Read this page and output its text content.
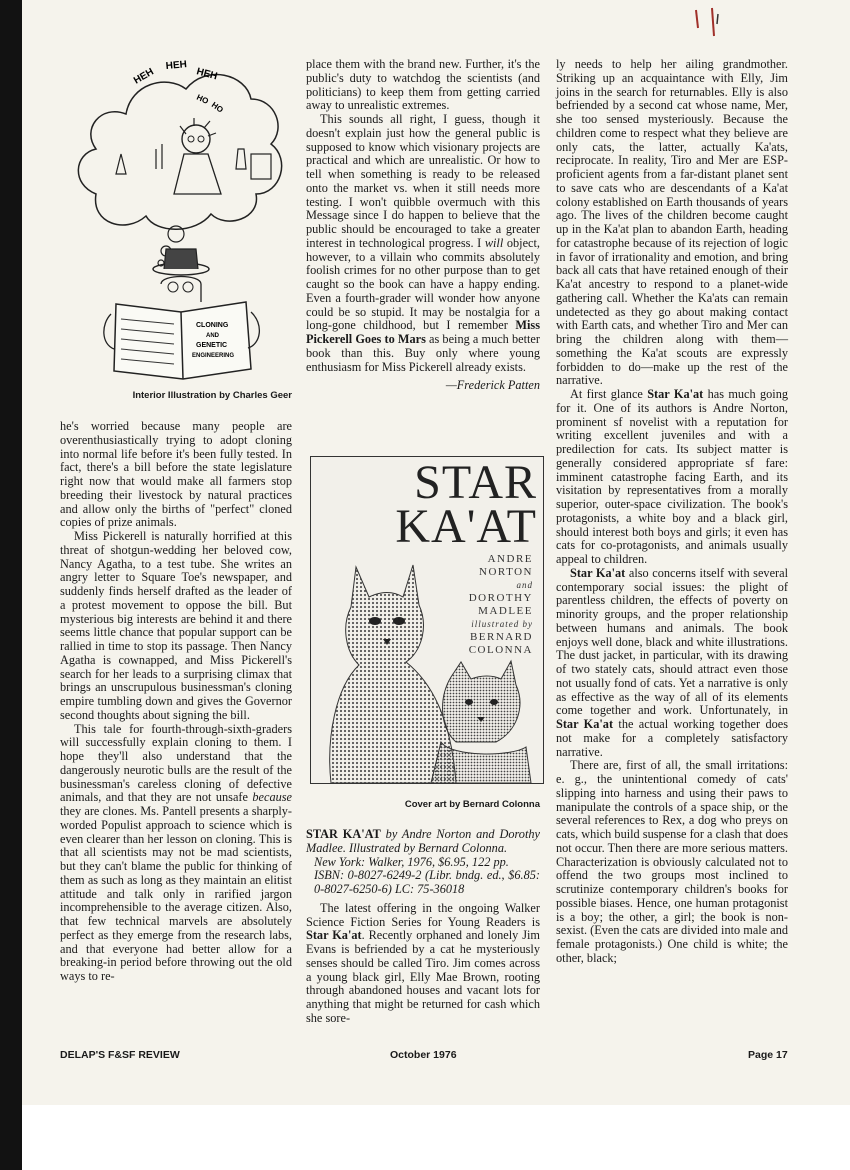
HEH
HEH
HEH
HO
HO
CLONING
AND
GENETIC
ENGINEERING
Interior Illustration by Charles Geer

he's worried because many people are overenthusiastically trying to adopt cloning into normal life before it's been fully tested. In fact, there's a bill before the state legislature right now that would make all farmers stop breeding their livestock by natural practices and allow only the births of "perfect" cloned copies of prize animals.

Miss Pickerell is naturally horrified at this threat of shotgun-wedding her beloved cow, Nancy Agatha, to a test tube. She writes an angry letter to Square Toe's newspaper, and suddenly finds herself drafted as the leader of a protest movement to oppose the bill. But mysterious big interests are behind it and there seems little chance that popular support can be rallied in time to stop its passage. Then Nancy Agatha is cownapped, and Miss Pickerell's search for her leads to a surprising climax that brings an unscrupulous businessman's cloning empire tumbling down and gives the Governor second thoughts about signing the bill.

This tale for fourth-through-sixth-graders will successfully explain cloning to them. I hope they'll also understand that the dangerously neurotic bulls are the result of the businessman's careless cloning of defective animals, and that they are not unsafe because they are clones. Ms. Pantell presents a sharply-worded Populist approach to science which is even clearer than her lesson on cloning. This is that all scientists may not be mad scientists, but they can't blame the public for thinking of them as such as long as they maintain an elitist attitude and talk only in rarified jargon incomprehensible to the average citizen. Also, that few technical marvels are absolutely perfect as they emerge from the research labs, and that everyone had better allow for a breaking-in period before throwing out the old ways to re-

place them with the brand new. Further, it's the public's duty to watchdog the scientists (and politicians) to keep them from getting carried away to unrealistic extremes.

This sounds all right, I guess, though it doesn't explain just how the general public is supposed to know which visionary projects are practical and which are unrealistic. Or how to tell when something is ready to be released onto the market vs. when it still needs more testing. I won't quibble overmuch with this Message since I do happen to believe that the public should be encouraged to take a greater interest in technological progress. I will object, however, to a villain who commits absolutely foolish crimes for no other purpose than to get caught so the book can have a happy ending. Even a fourth-grader will wonder how anyone could be so stupid. It may be nostalgia for a long-gone childhood, but I remember Miss Pickerell Goes to Mars as being a much better book than this. Buy only where young enthusiasm for Miss Pickerell already exists.

—Frederick Patten

STAR
KA'AT
ANDRE
NORTON
and
DOROTHY
MADLEE
illustrated by
BERNARD
COLONNA
Cover art by Bernard Colonna

STAR KA'AT by Andre Norton and Dorothy Madlee. Illustrated by Bernard Colonna.

New York: Walker, 1976, $6.95, 122 pp.
ISBN: 0-8027-6249-2 (Libr. bndg. ed., $6.85: 0-8027-6250-6) LC: 75-36018

The latest offering in the ongoing Walker Science Fiction Series for Young Readers is Star Ka'at. Recently orphaned and lonely Jim Evans is befriended by a cat he mysteriously senses should be called Tiro. Jim comes across a young black girl, Elly Mae Brown, rooting through abandoned houses and vacant lots for anything that might be returned for cash which she sore-

ly needs to help her ailing grandmother. Striking up an acquaintance with Elly, Jim joins in the search for returnables. Elly is also befriended by a second cat whose name, Mer, she too sensed mysteriously. Because the children come to respect what they believe are only cats, the latter, actually Ka'ats, reciprocate. In reality, Tiro and Mer are ESP-proficient agents from a far-distant planet sent to save cats who are descendants of a Ka'at colony established on Earth thousands of years ago. The lives of the children become caught up in the Ka'at plan to abandon Earth, heading for catastrophe because of its rejection of logic in favor of irrationality and emotion, and bring back all cats that have retained enough of their Ka'at ancestry to respond to a planet-wide gathering call. Whether the Ka'ats can remain undetected as they go about making contact with Earth cats, and whether Tiro and Mer can bring the children along with them—something the Ka'at scouts are expressly forbidden to do—make up the rest of the narrative.

At first glance Star Ka'at has much going for it. One of its authors is Andre Norton, prominent sf novelist with a reputation for writing excellent juveniles and with a predilection for cats. Its subject matter is generally considered appropriate sf fare: imminent catastrophe facing Earth, and its visitation by representatives from a morally superior, outer-space civilization. The book's protagonists, a white boy and a black girl, should interest both boys and girls; it even has cats for co-protagonists, and animals usually appeal to children.

Star Ka'at also concerns itself with several contemporary social issues: the plight of parentless children, the effects of poverty on minority groups, and the proper relationship between humans and animals. The book enjoys well done, black and white illustrations. The dust jacket, in particular, with its drawing of two stately cats, should attract even those not usually fond of cats. Yet a narrative is only as effective as the way of all of its elements come together and work. Unfortunately, in Star Ka'at the actual working together does not make for a completely satisfactory narrative.

There are, first of all, the small irritations: e. g., the unintentional comedy of cats' slipping into harness and using their paws to manipulate the controls of a space ship, or the several references to Rex, a dog who preys on cats, which build suspense for a clash that does not occur. Then there are more serious matters. Characterization is obviously calculated not to offend the two groups most inclined to scrutinize contemporary children's books for possible biases. Hence, one human protagonist is a boy; the other, a girl; the book is non-sexist. (Even the cats are divided into male and female protagonists.) One child is white; the other, black;

DELAP'S F&SF REVIEW	October 1976	Page 17
